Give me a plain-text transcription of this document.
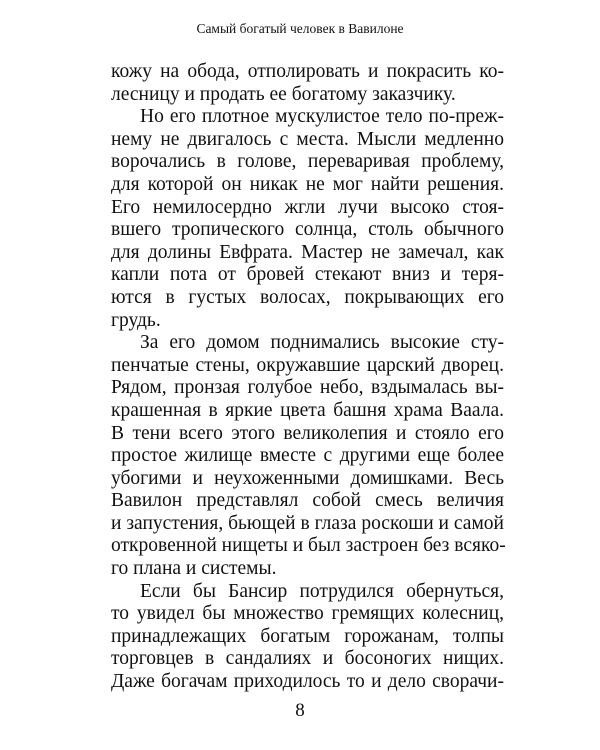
Самый богатый человек в Вавилоне
кожу на обода, отполировать и покрасить ко-
лесницу и продать ее богатому заказчику.
Но его плотное мускулистое тело по-преж-
нему не двигалось с места. Мысли медленно
ворочались в голове, переваривая проблему,
для которой он никак не мог найти решения.
Его немилосердно жгли лучи высоко стоя-
вшего тропического солнца, столь обычного
для долины Евфрата. Мастер не замечал, как
капли пота от бровей стекают вниз и теря-
ются в густых волосах, покрывающих его
грудь.
За его домом поднимались высокие сту-
пенчатые стены, окружавшие царский дворец.
Рядом, пронзая голубое небо, вздымалась вы-
крашенная в яркие цвета башня храма Ваала.
В тени всего этого великолепия и стояло его
простое жилище вместе с другими еще более
убогими и неухоженными домишками. Весь
Вавилон представлял собой смесь величия
и запустения, бьющей в глаза роскоши и самой
откровенной нищеты и был застроен без всяко-
го плана и системы.
Если бы Бансир потрудился обернуться,
то увидел бы множество гремящих колесниц,
принадлежащих богатым горожанам, толпы
торговцев в сандалиях и босоногих нищих.
Даже богачам приходилось то и дело сворачи-
8
